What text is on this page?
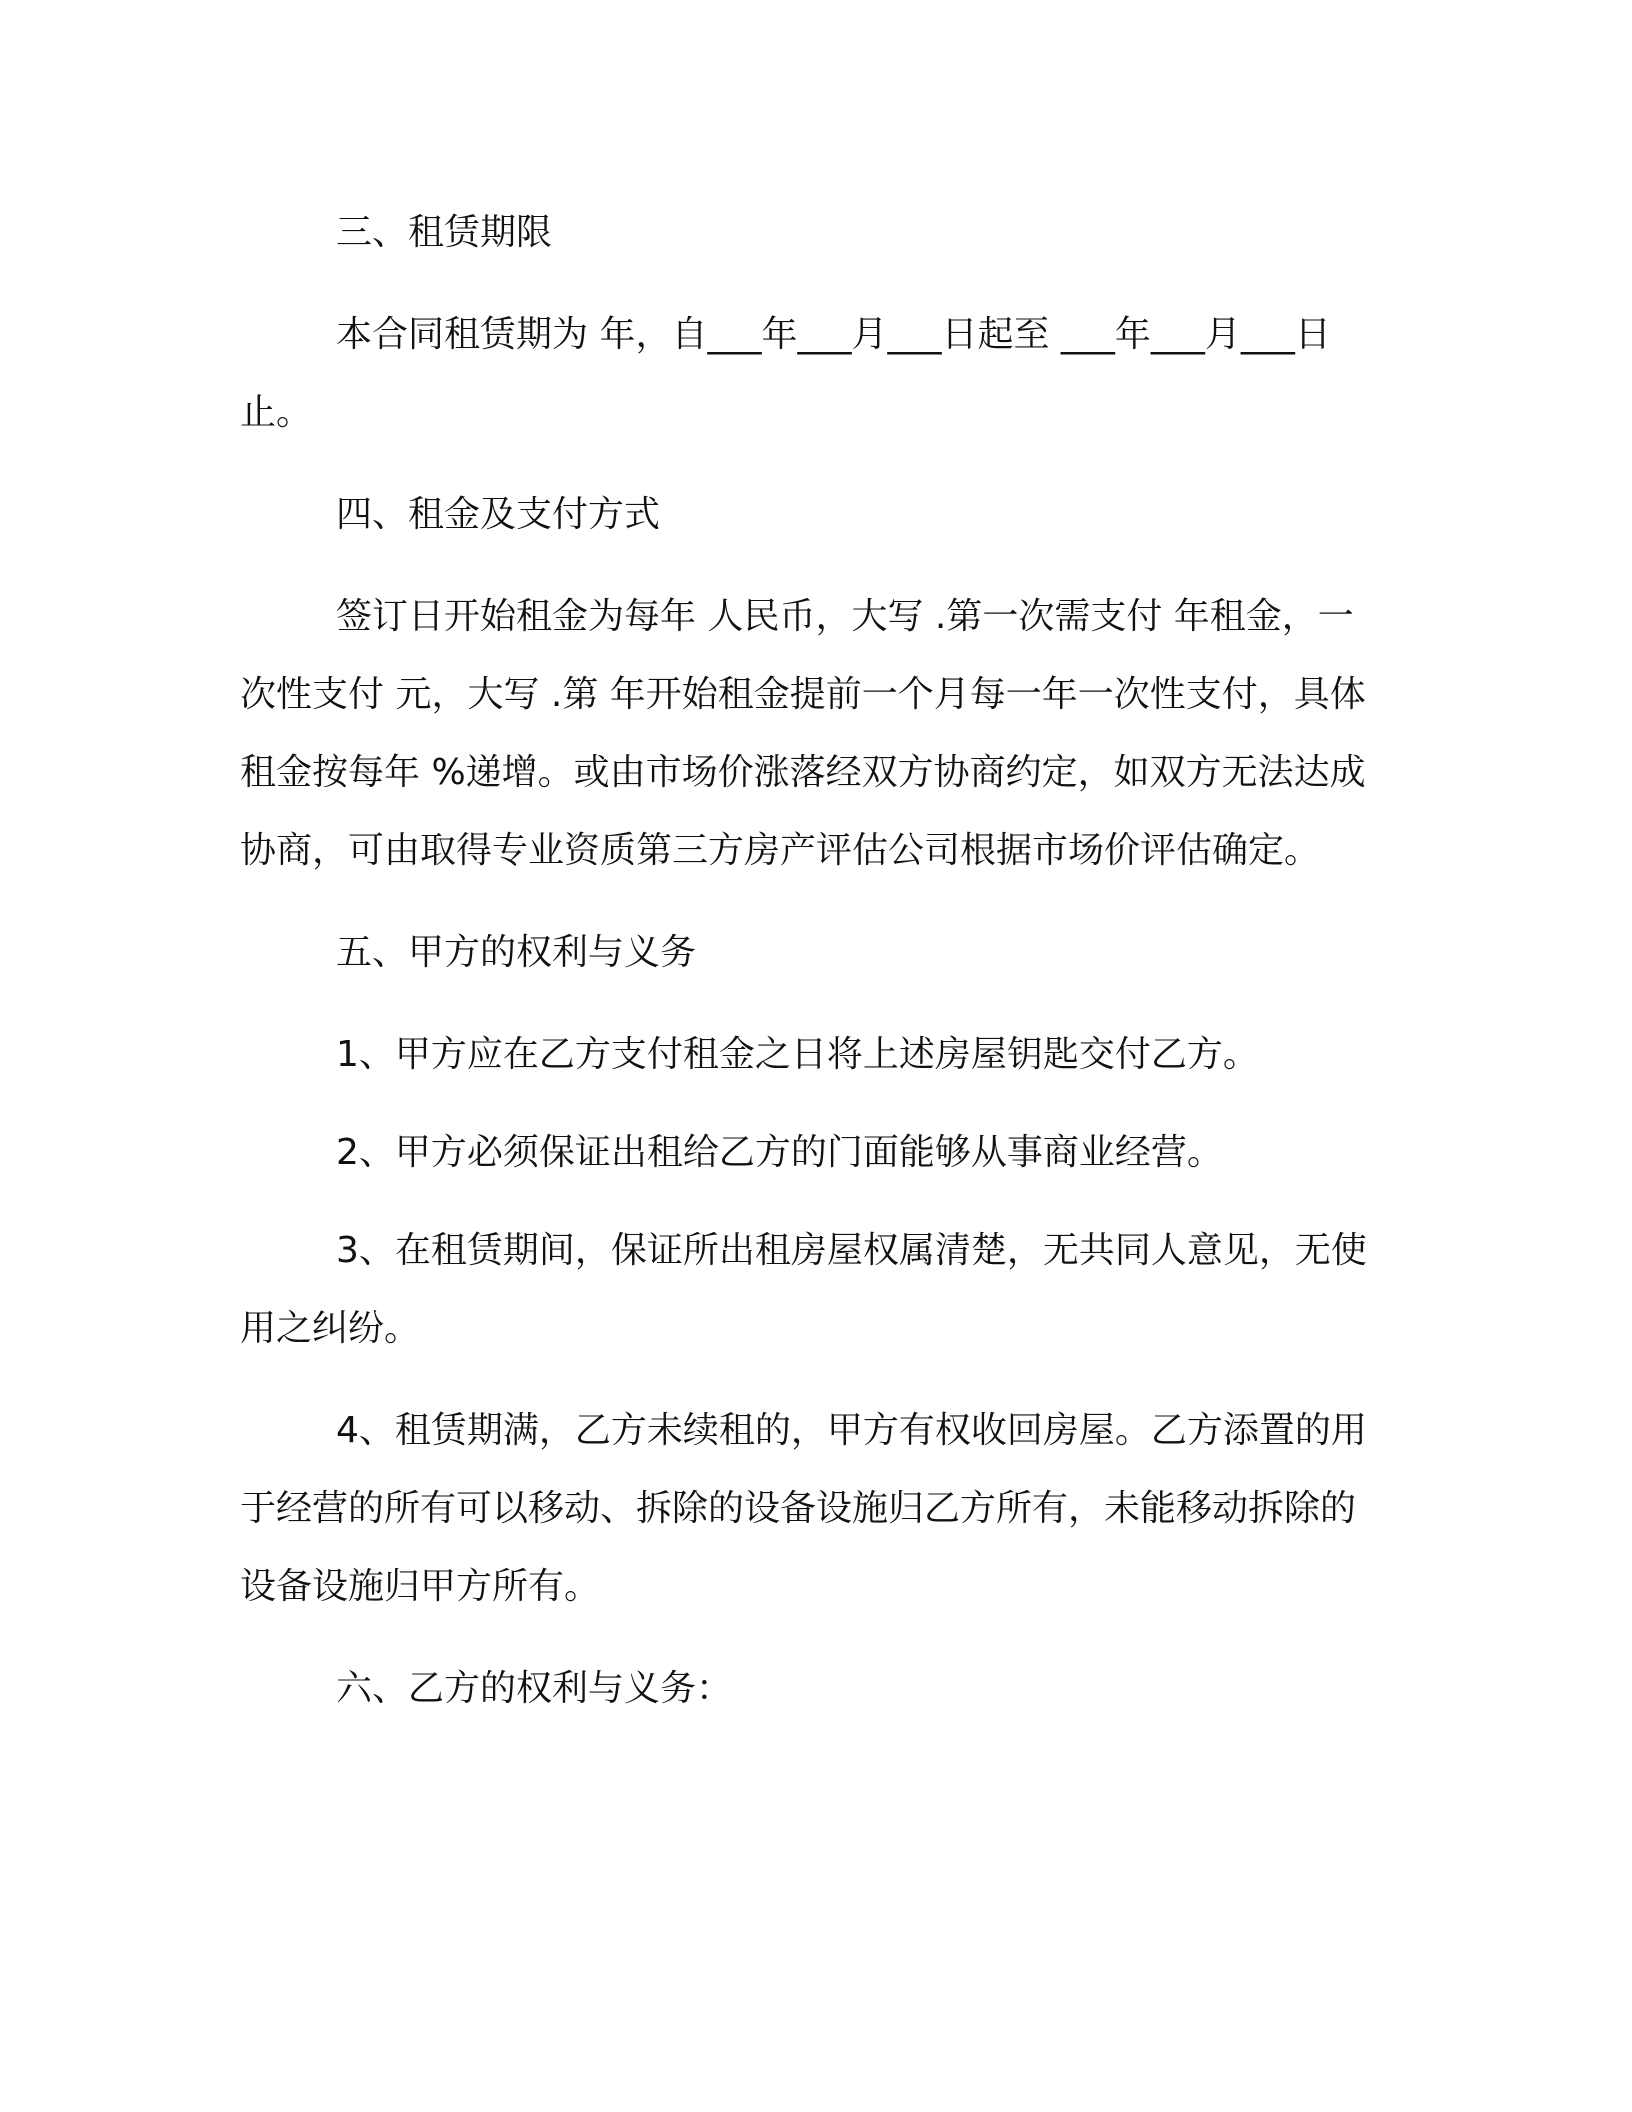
三、租赁期限

本合同租赁期为 年，自___年___月___日起至 ___年___月___日止。

四、租金及支付方式

签订日开始租金为每年 人民币，大写 .第一次需支付 年租金，一次性支付 元，大写 .第 年开始租金提前一个月每一年一次性支付，具体租金按每年 %递增。或由市场价涨落经双方协商约定，如双方无法达成协商，可由取得专业资质第三方房产评估公司根据市场价评估确定。

五、甲方的权利与义务

1、甲方应在乙方支付租金之日将上述房屋钥匙交付乙方。

2、甲方必须保证出租给乙方的门面能够从事商业经营。

3、在租赁期间，保证所出租房屋权属清楚，无共同人意见，无使用之纠纷。

4、租赁期满，乙方未续租的，甲方有权收回房屋。乙方添置的用于经营的所有可以移动、拆除的设备设施归乙方所有，未能移动拆除的设备设施归甲方所有。

六、乙方的权利与义务：
